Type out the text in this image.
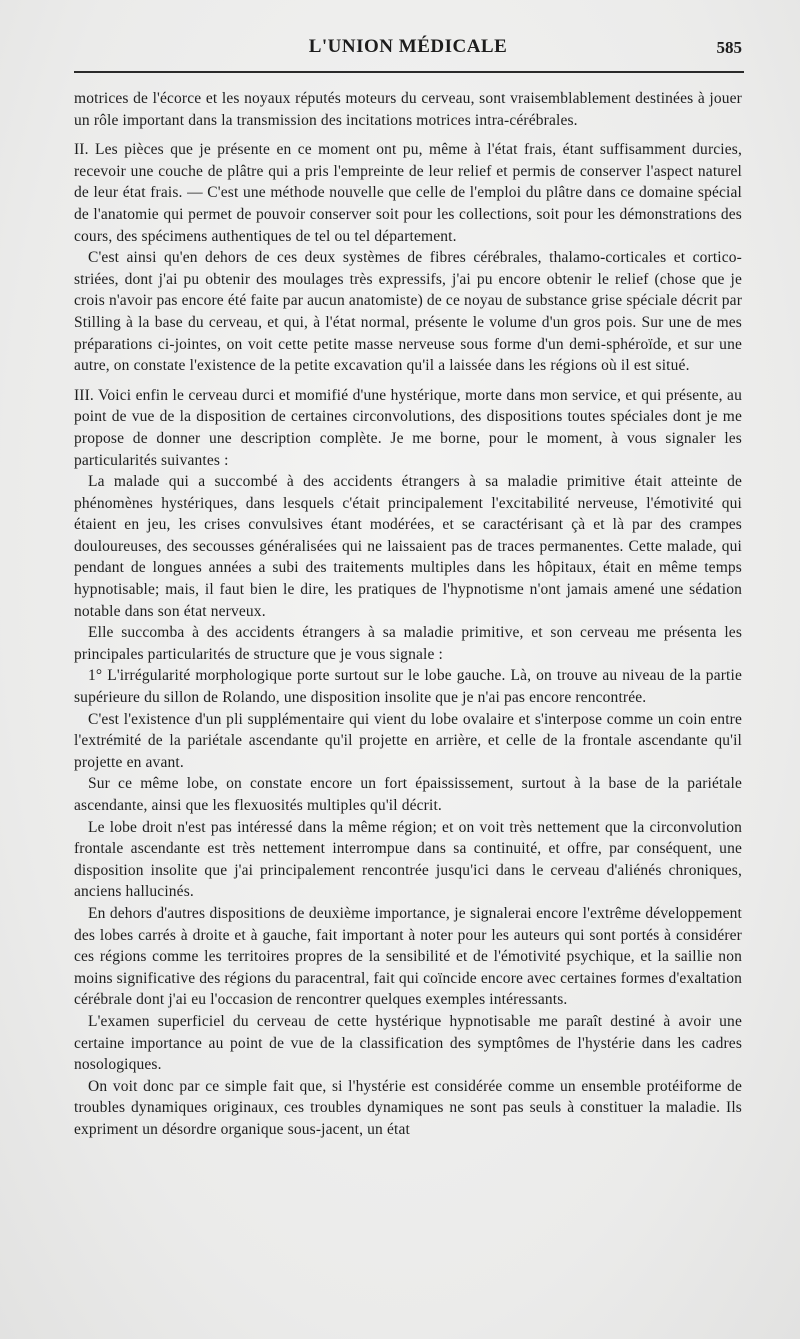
L'UNION MÉDICALE	585

motrices de l'écorce et les noyaux réputés moteurs du cerveau, sont vraisemblablement destinées à jouer un rôle important dans la transmission des incitations motrices intra-cérébrales.

II. Les pièces que je présente en ce moment ont pu, même à l'état frais, étant suffisamment durcies, recevoir une couche de plâtre qui a pris l'empreinte de leur relief et permis de conserver l'aspect naturel de leur état frais. — C'est une méthode nouvelle que celle de l'emploi du plâtre dans ce domaine spécial de l'anatomie qui permet de pouvoir conserver soit pour les collections, soit pour les démonstrations des cours, des spécimens authentiques de tel ou tel département.

C'est ainsi qu'en dehors de ces deux systèmes de fibres cérébrales, thalamo-corticales et cortico-striées, dont j'ai pu obtenir des moulages très expressifs, j'ai pu encore obtenir le relief (chose que je crois n'avoir pas encore été faite par aucun anatomiste) de ce noyau de substance grise spéciale décrit par Stilling à la base du cerveau, et qui, à l'état normal, présente le volume d'un gros pois. Sur une de mes préparations ci-jointes, on voit cette petite masse nerveuse sous forme d'un demi-sphéroïde, et sur une autre, on constate l'existence de la petite excavation qu'il a laissée dans les régions où il est situé.

III. Voici enfin le cerveau durci et momifié d'une hystérique, morte dans mon service, et qui présente, au point de vue de la disposition de certaines circonvolutions, des dispositions toutes spéciales dont je me propose de donner une description complète. Je me borne, pour le moment, à vous signaler les particularités suivantes :

La malade qui a succombé à des accidents étrangers à sa maladie primitive était atteinte de phénomènes hystériques, dans lesquels c'était principalement l'excitabilité nerveuse, l'émotivité qui étaient en jeu, les crises convulsives étant modérées, et se caractérisant çà et là par des crampes douloureuses, des secousses généralisées qui ne laissaient pas de traces permanentes. Cette malade, qui pendant de longues années a subi des traitements multiples dans les hôpitaux, était en même temps hypnotisable; mais, il faut bien le dire, les pratiques de l'hypnotisme n'ont jamais amené une sédation notable dans son état nerveux.

Elle succomba à des accidents étrangers à sa maladie primitive, et son cerveau me présenta les principales particularités de structure que je vous signale :

1° L'irrégularité morphologique porte surtout sur le lobe gauche. Là, on trouve au niveau de la partie supérieure du sillon de Rolando, une disposition insolite que je n'ai pas encore rencontrée.

C'est l'existence d'un pli supplémentaire qui vient du lobe ovalaire et s'interpose comme un coin entre l'extrémité de la pariétale ascendante qu'il projette en arrière, et celle de la frontale ascendante qu'il projette en avant.

Sur ce même lobe, on constate encore un fort épaississement, surtout à la base de la pariétale ascendante, ainsi que les flexuosités multiples qu'il décrit.

Le lobe droit n'est pas intéressé dans la même région; et on voit très nettement que la circonvolution frontale ascendante est très nettement interrompue dans sa continuité, et offre, par conséquent, une disposition insolite que j'ai principalement rencontrée jusqu'ici dans le cerveau d'aliénés chroniques, anciens hallucinés.

En dehors d'autres dispositions de deuxième importance, je signalerai encore l'extrême développement des lobes carrés à droite et à gauche, fait important à noter pour les auteurs qui sont portés à considérer ces régions comme les territoires propres de la sensibilité et de l'émotivité psychique, et la saillie non moins significative des régions du paracentral, fait qui coïncide encore avec certaines formes d'exaltation cérébrale dont j'ai eu l'occasion de rencontrer quelques exemples intéressants.

L'examen superficiel du cerveau de cette hystérique hypnotisable me paraît destiné à avoir une certaine importance au point de vue de la classification des symptômes de l'hystérie dans les cadres nosologiques.

On voit donc par ce simple fait que, si l'hystérie est considérée comme un ensemble protéiforme de troubles dynamiques originaux, ces troubles dynamiques ne sont pas seuls à constituer la maladie. Ils expriment un désordre organique sous-jacent, un état
